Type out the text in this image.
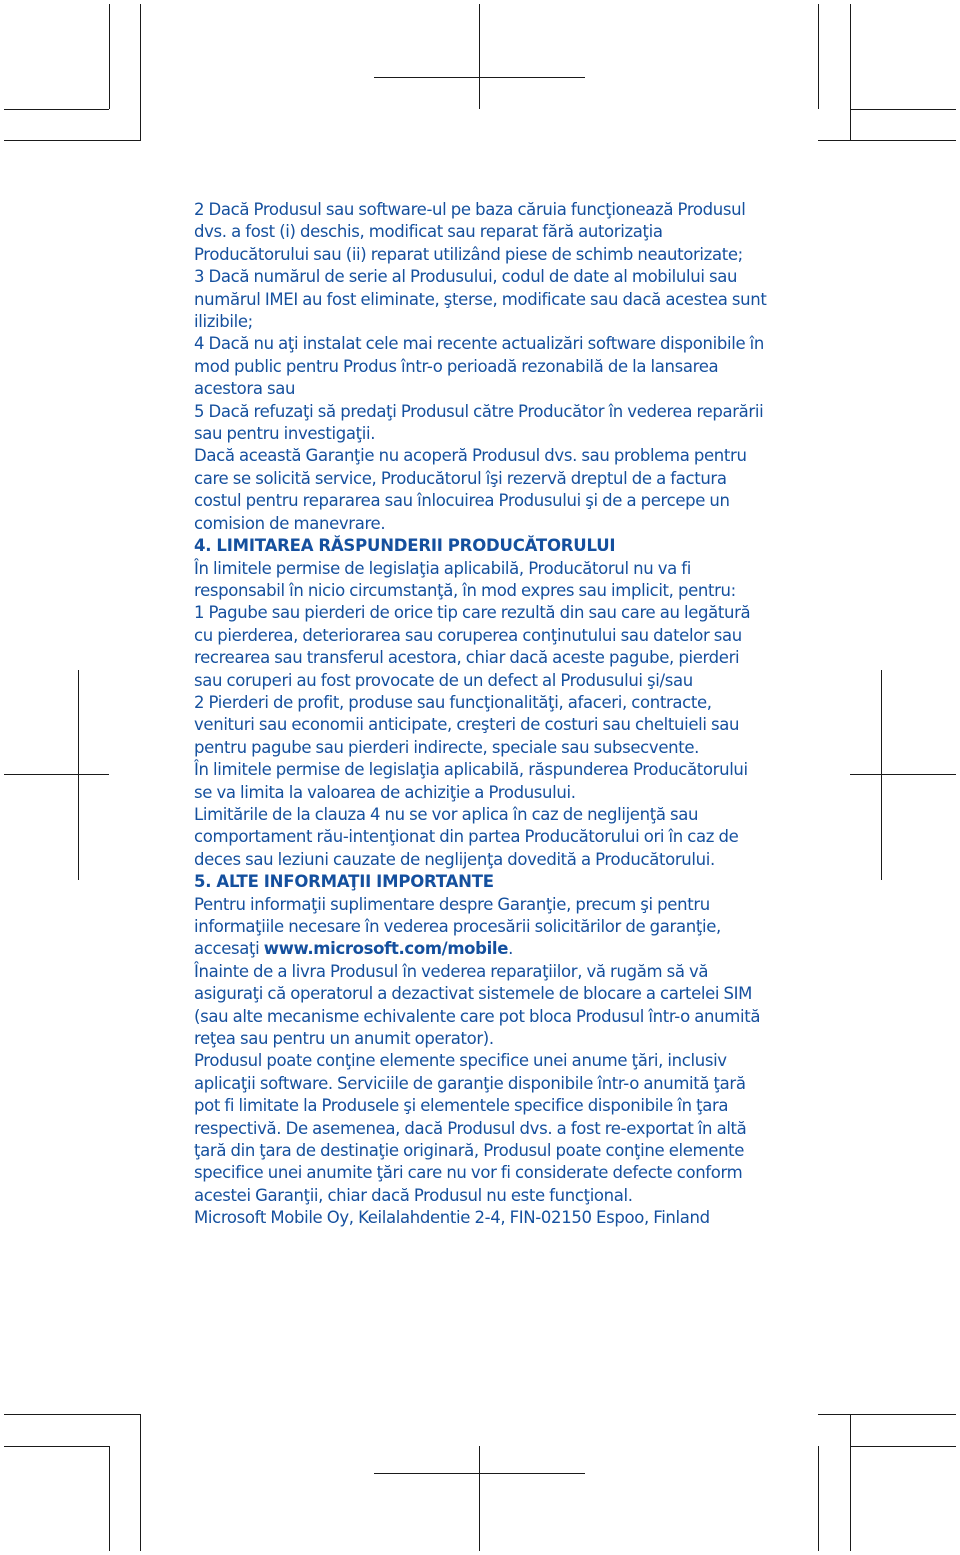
2 Dacă Produsul sau software-ul pe baza căruia funcţionează Produsul dvs. a fost (i) deschis, modificat sau reparat fără autorizaţia Producătorului sau (ii) reparat utilizând piese de schimb neautorizate;

3 Dacă numărul de serie al Produsului, codul de date al mobilului sau numărul IMEI au fost eliminate, şterse, modificate sau dacă acestea sunt ilizibile;

4 Dacă nu aţi instalat cele mai recente actualizări software disponibile în mod public pentru Produs într-o perioadă rezonabilă de la lansarea acestora sau

5 Dacă refuzaţi să predaţi Produsul către Producător în vederea reparării sau pentru investigaţii.

Dacă această Garanţie nu acoperă Produsul dvs. sau problema pentru care se solicită service, Producătorul îşi rezervă dreptul de a factura costul pentru repararea sau înlocuirea Produsului şi de a percepe un comision de manevrare.

4. LIMITAREA RĂSPUNDERII PRODUCĂTORULUI

În limitele permise de legislaţia aplicabilă, Producătorul nu va fi responsabil în nicio circumstanţă, în mod expres sau implicit, pentru:

1 Pagube sau pierderi de orice tip care rezultă din sau care au legătură cu pierderea, deteriorarea sau coruperea conţinutului sau datelor sau recrearea sau transferul acestora, chiar dacă aceste pagube, pierderi sau coruperi au fost provocate de un defect al Produsului şi/sau

2 Pierderi de profit, produse sau funcţionalităţi, afaceri, contracte, venituri sau economii anticipate, creşteri de costuri sau cheltuieli sau pentru pagube sau pierderi indirecte, speciale sau subsecvente.

În limitele permise de legislaţia aplicabilă, răspunderea Producătorului se va limita la valoarea de achiziţie a Produsului.

Limitările de la clauza 4 nu se vor aplica în caz de neglijenţă sau comportament rău-intenţionat din partea Producătorului ori în caz de deces sau leziuni cauzate de neglijenţa dovedită a Producătorului.

5. ALTE INFORMAŢII IMPORTANTE

Pentru informaţii suplimentare despre Garanţie, precum şi pentru informaţiile necesare în vederea procesării solicitărilor de garanţie, accesaţi www.microsoft.com/mobile.

Înainte de a livra Produsul în vederea reparaţiilor, vă rugăm să vă asiguraţi că operatorul a dezactivat sistemele de blocare a cartelei SIM (sau alte mecanisme echivalente care pot bloca Produsul într-o anumită reţea sau pentru un anumit operator).

Produsul poate conţine elemente specifice unei anume ţări, inclusiv aplicaţii software. Serviciile de garanţie disponibile într-o anumită ţară pot fi limitate la Produsele şi elementele specifice disponibile în ţara respectivă. De asemenea, dacă Produsul dvs. a fost re-exportat în altă ţară din ţara de destinaţie originară, Produsul poate conţine elemente specifice unei anumite ţări care nu vor fi considerate defecte conform acestei Garanţii, chiar dacă Produsul nu este funcţional.

Microsoft Mobile Oy, Keilalahdentie 2-4, FIN-02150 Espoo, Finland
